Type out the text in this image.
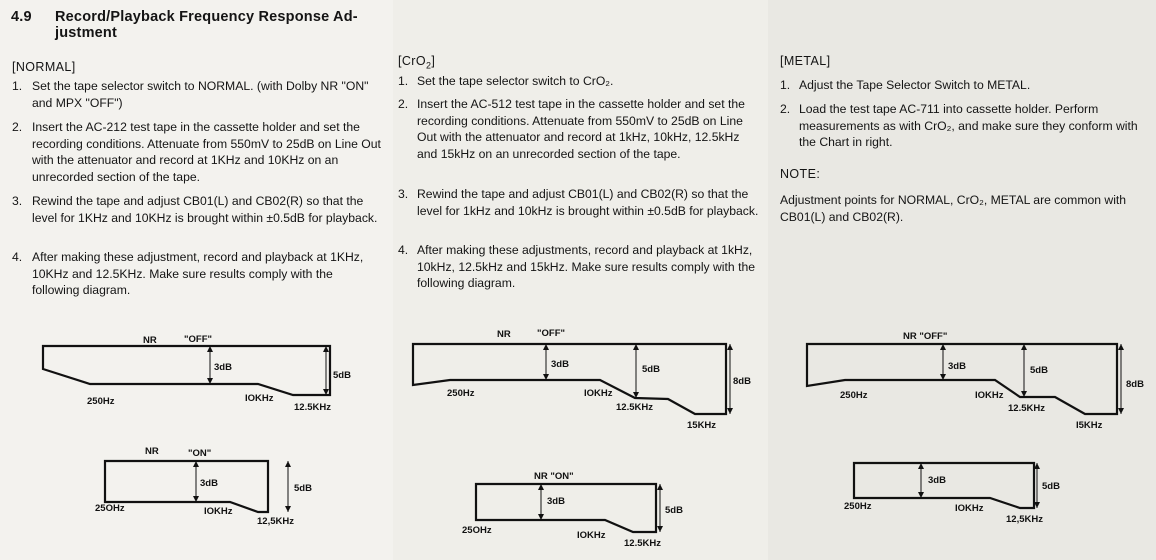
4.9 Record/Playback Frequency Response Ad-
justment
[NORMAL]
1. Set the tape selector switch to NORMAL. (with Dolby NR "ON" and MPX "OFF")
2. Insert the AC-212 test tape in the cassette holder and set the recording conditions. Attenuate from 550mV to 25dB on Line Out with the attenuator and record at 1KHz and 10KHz on an unrecorded section of the tape.
3. Rewind the tape and adjust CB01(L) and CB02(R) so that the level for 1KHz and 10KHz is brought within ±0.5dB for playback.
4. After making these adjustment, record and playback at 1KHz, 10KHz and 12.5KHz. Make sure results comply with the following diagram.
[CrO$_2$]
1. Set the tape selector switch to CrO₂.
2. Insert the AC-512 test tape in the cassette holder and set the recording conditions. Attenuate from 550mV to 25dB on Line Out with the attenuator and record at 1kHz, 10kHz, 12.5kHz and 15kHz on an unrecorded section of the tape.
3. Rewind the tape and adjust CB01(L) and CB02(R) so that the level for 1kHz and 10kHz is brought within ±0.5dB for playback.
4. After making these adjustments, record and playback at 1kHz, 10kHz, 12.5kHz and 15kHz. Make sure results comply with the following diagram.
[METAL]
1. Adjust the Tape Selector Switch to METAL.
2. Load the test tape AC-711 into cassette holder. Perform measurements as with CrO₂, and make sure they conform with the Chart in right.
NOTE:
Adjustment points for NORMAL, CrO₂, METAL are common with CB01(L) and CB02(R).
NR	"OFF"
3dB
5dB
250Hz	IOKHz
12.5KHz
NR	"ON"
3dB	5dB
25OHz	IOKHz
12,5KHz
NR	"OFF"
3dB	5dB
8dB
250Hz	IOKHz
12.5KHz
15KHz
NR "ON"
3dB
5dB
25OHz	IOKHz
12.5KHz
NR "OFF"
3dB	5dB
8dB
250Hz	IOKHz
12.5KHz
I5KHz
3dB
5dB
250Hz	IOKHz
12,5KHz
